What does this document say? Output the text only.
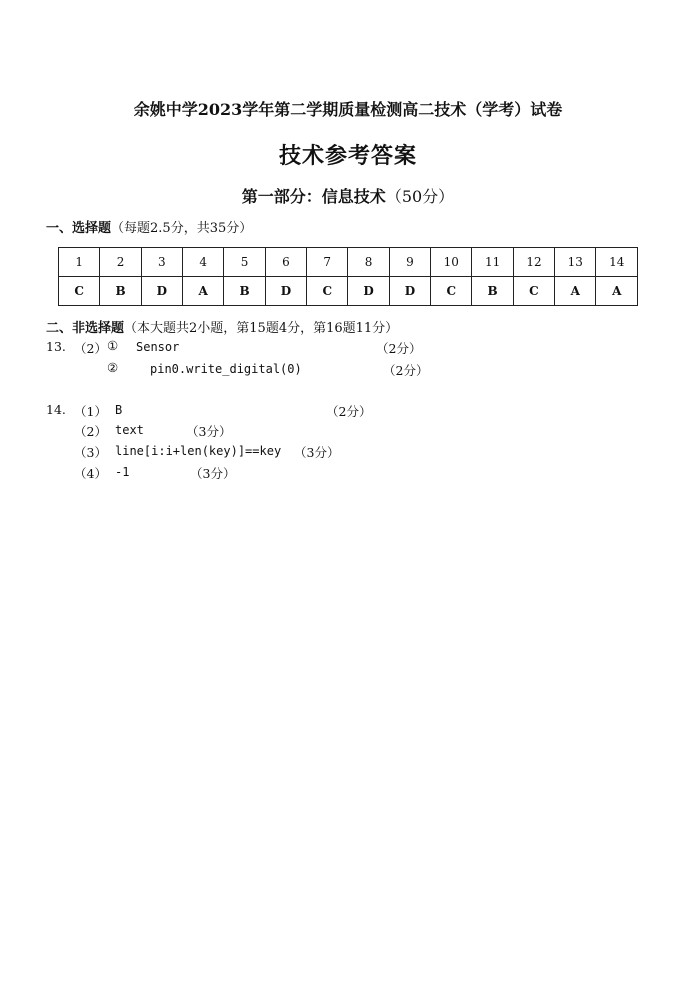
余姚中学2023学年第二学期质量检测高二技术（学考）试卷
技术参考答案
第一部分：信息技术（50分）
一、选择题（每题2.5分，共35分）
1	2	3	4	5	6	7	8	9	10	11	12	13	14
C	B	D	A	B	D	C	D	D	C	B	C	A	A
二、非选择题（本大题共2小题，第15题4分，第16题11分）
13. （2） ① Sensor	（2分）
②	pin0.write_digital(0)	（2分）
14. （1） B	（2分）
（2） text	（3分）
（3） line[i:i+len(key)]==key （3分）
（4） -1	（3分）
